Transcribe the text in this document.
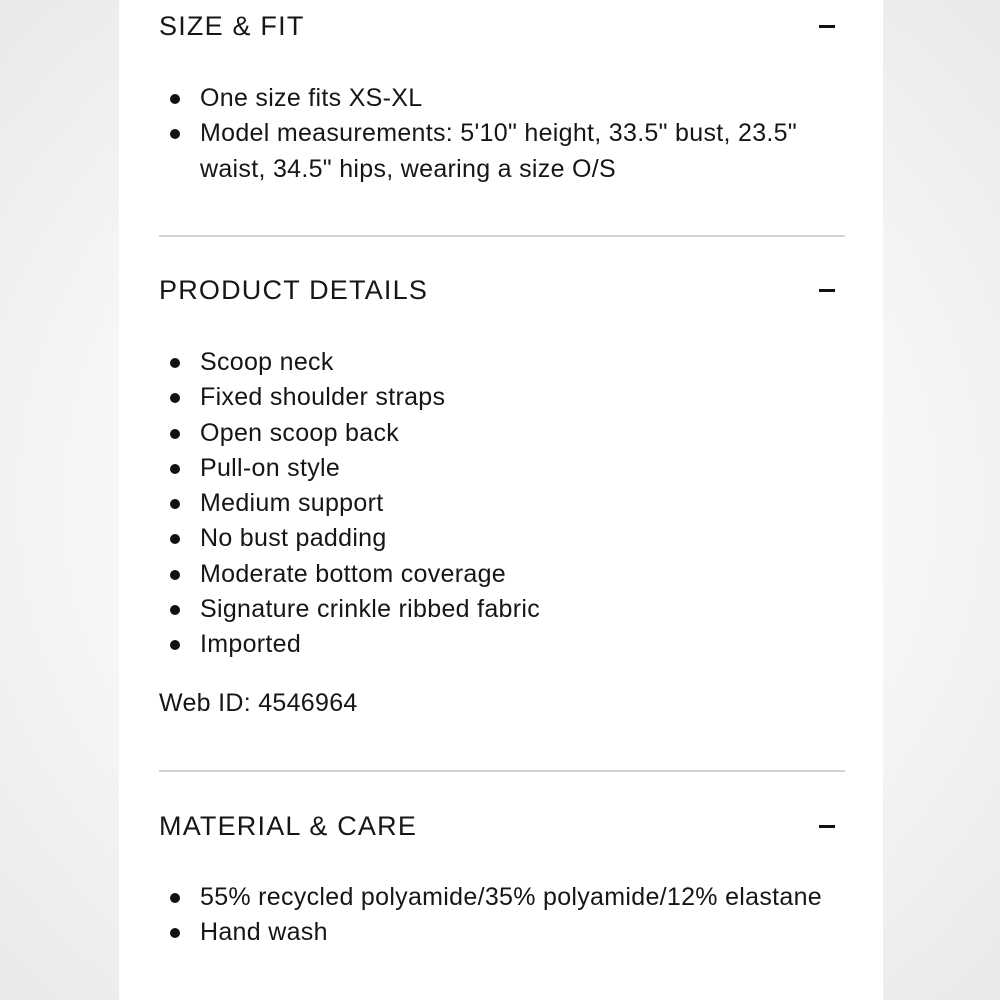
SIZE & FIT
One size fits XS-XL
Model measurements: 5'10" height, 33.5" bust, 23.5" waist, 34.5" hips, wearing a size O/S
PRODUCT DETAILS
Scoop neck
Fixed shoulder straps
Open scoop back
Pull-on style
Medium support
No bust padding
Moderate bottom coverage
Signature crinkle ribbed fabric
Imported
Web ID: 4546964
MATERIAL & CARE
55% recycled polyamide/35% polyamide/12% elastane
Hand wash
